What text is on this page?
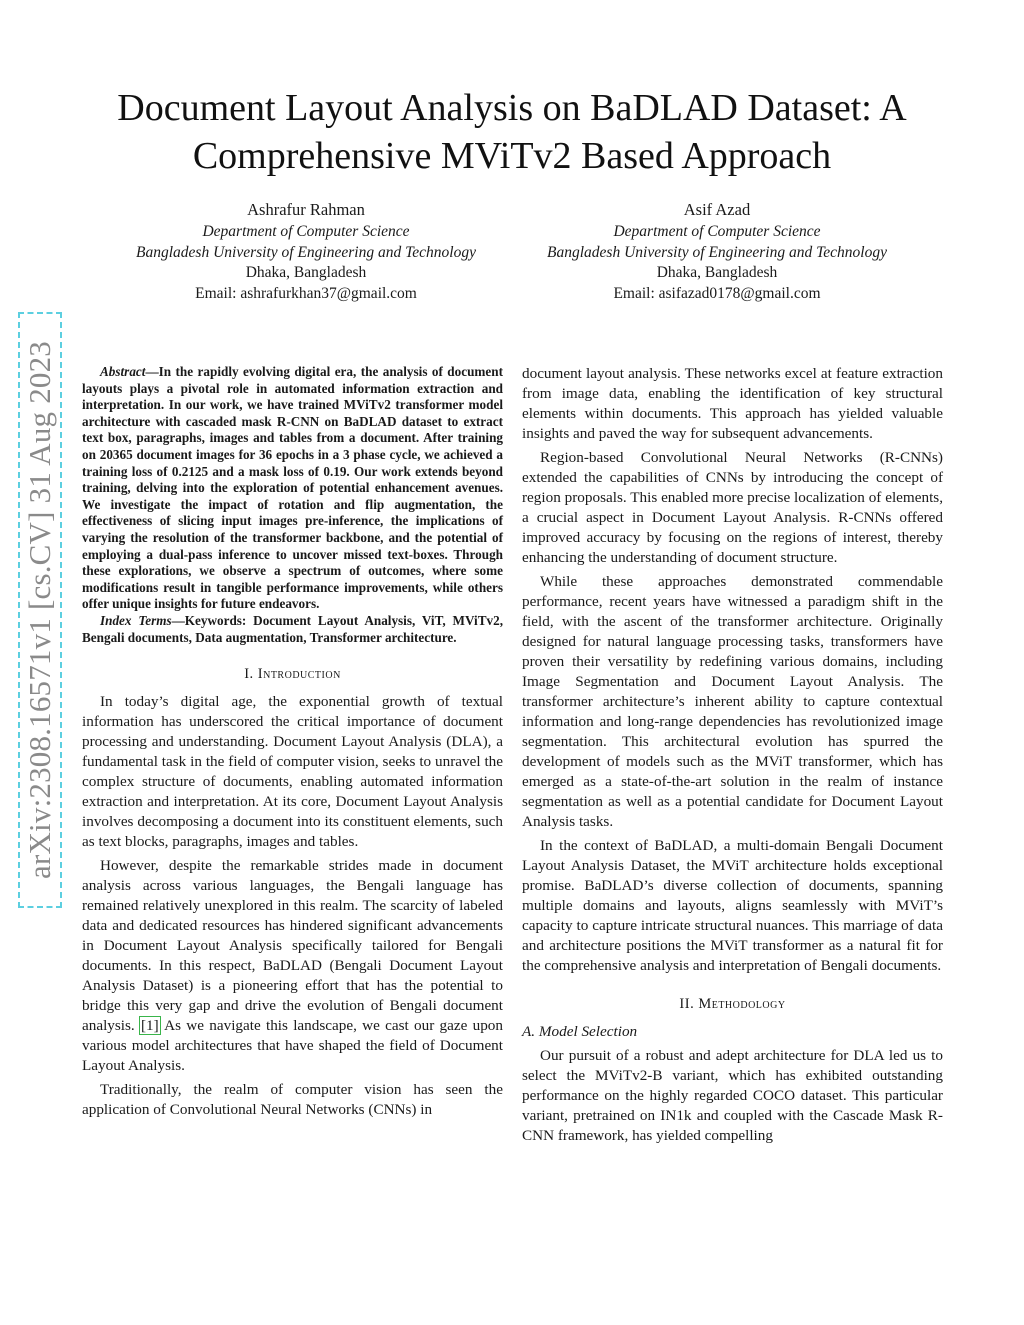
arXiv:2308.16571v1 [cs.CV] 31 Aug 2023
Document Layout Analysis on BaDLAD Dataset: A
Comprehensive MViTv2 Based Approach
Ashrafur Rahman
Department of Computer Science
Bangladesh University of Engineering and Technology
Dhaka, Bangladesh
Email: ashrafurkhan37@gmail.com
Asif Azad
Department of Computer Science
Bangladesh University of Engineering and Technology
Dhaka, Bangladesh
Email: asifazad0178@gmail.com

Abstract—In the rapidly evolving digital era, the analysis of document layouts plays a pivotal role in automated information extraction and interpretation. In our work, we have trained MViTv2 transformer model architecture with cascaded mask R-CNN on BaDLAD dataset to extract text box, paragraphs, images and tables from a document. After training on 20365 document images for 36 epochs in a 3 phase cycle, we achieved a training loss of 0.2125 and a mask loss of 0.19. Our work extends beyond training, delving into the exploration of potential enhancement avenues. We investigate the impact of rotation and flip augmentation, the effectiveness of slicing input images pre-inference, the implications of varying the resolution of the transformer backbone, and the potential of employing a dual-pass inference to uncover missed text-boxes. Through these explorations, we observe a spectrum of outcomes, where some modifications result in tangible performance improvements, while others offer unique insights for future endeavors.

Index Terms—Keywords: Document Layout Analysis, ViT, MViTv2, Bengali documents, Data augmentation, Transformer architecture.

I. Introduction

In today’s digital age, the exponential growth of textual information has underscored the critical importance of document processing and understanding. Document Layout Analysis (DLA), a fundamental task in the field of computer vision, seeks to unravel the complex structure of documents, enabling automated information extraction and interpretation. At its core, Document Layout Analysis involves decomposing a document into its constituent elements, such as text blocks, paragraphs, images and tables.

However, despite the remarkable strides made in document analysis across various languages, the Bengali language has remained relatively unexplored in this realm. The scarcity of labeled data and dedicated resources has hindered significant advancements in Document Layout Analysis specifically tailored for Bengali documents. In this respect, BaDLAD (Bengali Document Layout Analysis Dataset) is a pioneering effort that has the potential to bridge this very gap and drive the evolution of Bengali document analysis. [1] As we navigate this landscape, we cast our gaze upon various model architectures that have shaped the field of Document Layout Analysis.

Traditionally, the realm of computer vision has seen the application of Convolutional Neural Networks (CNNs) in

document layout analysis. These networks excel at feature extraction from image data, enabling the identification of key structural elements within documents. This approach has yielded valuable insights and paved the way for subsequent advancements.

Region-based Convolutional Neural Networks (R-CNNs) extended the capabilities of CNNs by introducing the concept of region proposals. This enabled more precise localization of elements, a crucial aspect in Document Layout Analysis. R-CNNs offered improved accuracy by focusing on the regions of interest, thereby enhancing the understanding of document structure.

While these approaches demonstrated commendable performance, recent years have witnessed a paradigm shift in the field, with the ascent of the transformer architecture. Originally designed for natural language processing tasks, transformers have proven their versatility by redefining various domains, including Image Segmentation and Document Layout Analysis. The transformer architecture’s inherent ability to capture contextual information and long-range dependencies has revolutionized image segmentation. This architectural evolution has spurred the development of models such as the MViT transformer, which has emerged as a state-of-the-art solution in the realm of instance segmentation as well as a potential candidate for Document Layout Analysis tasks.

In the context of BaDLAD, a multi-domain Bengali Document Layout Analysis Dataset, the MViT architecture holds exceptional promise. BaDLAD’s diverse collection of documents, spanning multiple domains and layouts, aligns seamlessly with MViT’s capacity to capture intricate structural nuances. This marriage of data and architecture positions the MViT transformer as a natural fit for the comprehensive analysis and interpretation of Bengali documents.

II. Methodology
A. Model Selection

Our pursuit of a robust and adept architecture for DLA led us to select the MViTv2-B variant, which has exhibited outstanding performance on the highly regarded COCO dataset. This particular variant, pretrained on IN1k and coupled with the Cascade Mask R-CNN framework, has yielded compelling
